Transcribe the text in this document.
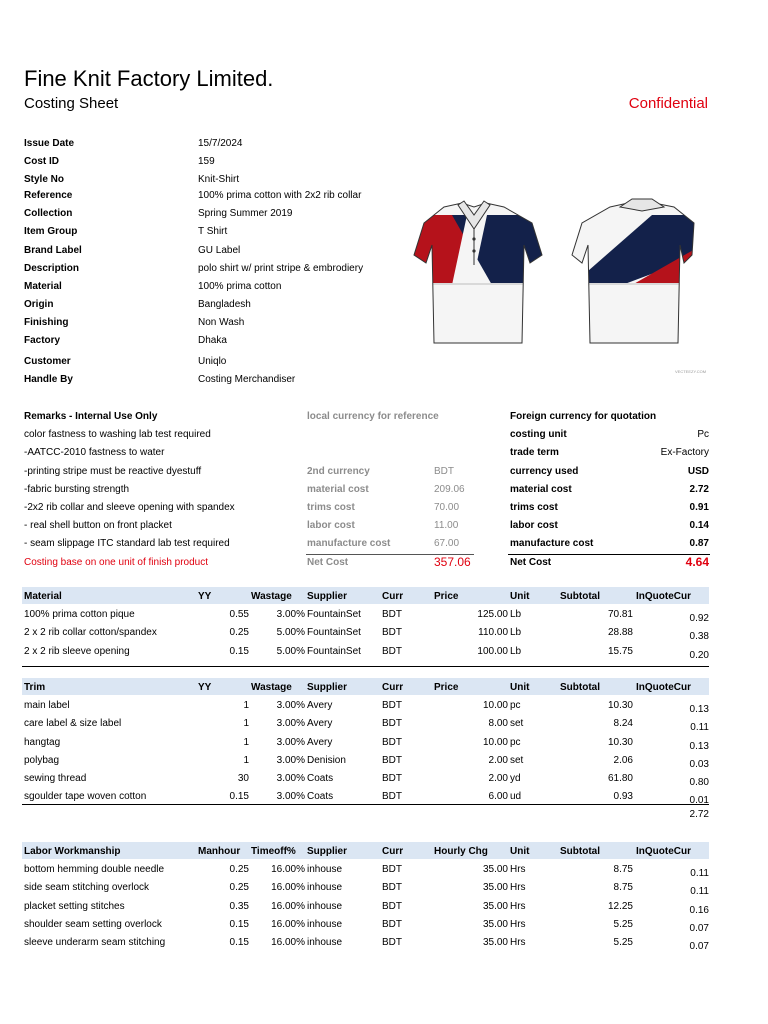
Fine Knit Factory Limited.
Costing Sheet	Confidential
Issue Date	15/7/2024
Cost ID	159
Style No	Knit-Shirt
Reference	100% prima cotton with 2x2 rib collar
Collection	Spring Summer 2019
Item Group	T Shirt
Brand Label	GU Label
Description	polo shirt w/ print stripe & embrodiery
Material	100% prima cotton
Origin	Bangladesh
Finishing	Non Wash
Factory	Dhaka
Customer	Uniqlo
Handle By	Costing Merchandiser
VECTEEZY.COM
Remarks - Internal Use Only
color fastness to washing lab test required
-AATCC-2010 fastness to water
-printing stripe must be reactive dyestuff
-fabric bursting strength
-2x2 rib collar and sleeve opening with spandex
- real shell button on front placket
- seam slippage ITC standard lab test required
Costing base on one unit of finish product
local currency for reference
2nd currency	BDT
material cost	209.06
trims cost	70.00
labor cost	11.00
manufacture cost	67.00
Net Cost	357.06
Foreign currency for quotation
costing unit	Pc
trade term	Ex-Factory
currency used	USD
material cost	2.72
trims cost	0.91
labor cost	0.14
manufacture cost	0.87
Net Cost	4.64
Material	YY	Wastage Supplier	Curr	Price	Unit	Subtotal	InQuoteCur
100% prima cotton pique	0.55	3.00% FountainSet BDT	125.00 Lb	70.81	0.92
2 x 2 rib collar cotton/spandex	0.25	5.00% FountainSet BDT	110.00 Lb	28.88	0.38
2 x 2 rib sleeve opening	0.15	5.00% FountainSet BDT	100.00 Lb	15.75	0.20
Trim	YY	Wastage Supplier	Curr	Price	Unit	Subtotal	InQuoteCur
main label	1	3.00% Avery	BDT	10.00 pc	10.30	0.13
care label & size label	1	3.00% Avery	BDT	8.00 set	8.24	0.11
hangtag	1	3.00% Avery	BDT	10.00 pc	10.30	0.13
polybag	1	3.00% Denision	BDT	2.00 set	2.06	0.03
sewing thread	30	3.00% Coats	BDT	2.00 yd	61.80	0.80
sgoulder tape woven cotton	0.15	3.00% Coats	BDT	6.00 ud	0.93	0.01
2.72
Labor Workmanship	Manhour Timeoff% Supplier	Curr	Hourly Chg Unit	Subtotal	InQuoteCur
bottom hemming double needle	0.25 16.00% inhouse	BDT	35.00 Hrs	8.75	0.11
side seam stitching overlock	0.25 16.00% inhouse	BDT	35.00 Hrs	8.75	0.11
placket setting stitches	0.35 16.00% inhouse	BDT	35.00 Hrs	12.25	0.16
shoulder seam setting overlock	0.15 16.00% inhouse	BDT	35.00 Hrs	5.25	0.07
sleeve underarm seam stitching	0.15 16.00% inhouse	BDT	35.00 Hrs	5.25	0.07
